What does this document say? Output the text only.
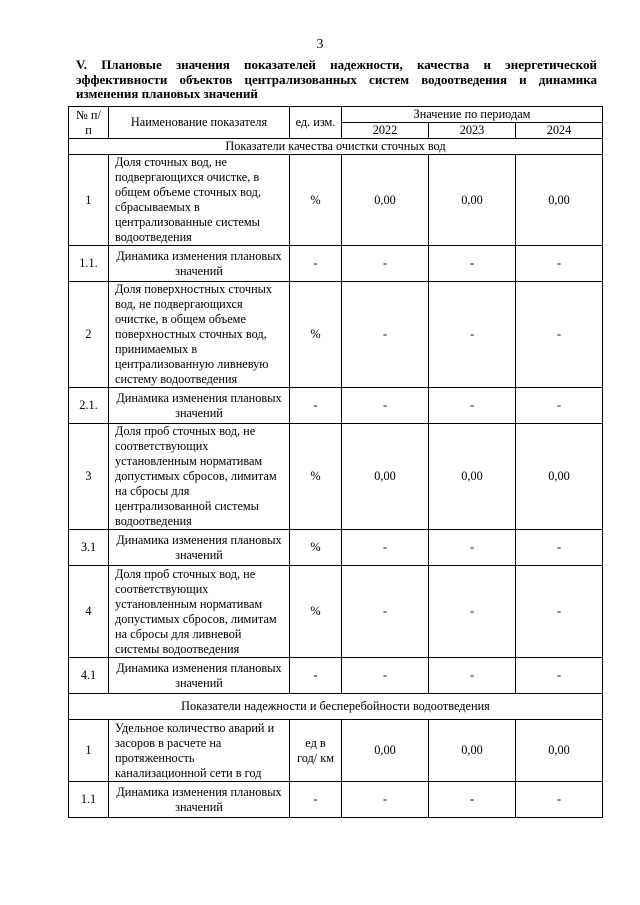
3
V. Плановые значения показателей надежности, качества и энергетической эффективности объектов централизованных систем водоотведения и динамика изменения плановых значений
№ п/п	Наименование показателя	ед. изм.	Значение по периодам		
			2022	2023	2024
Показатели качества очистки сточных вод					
1	Доля сточных вод, не подвергающихся очистке, в общем объеме сточных вод, сбрасываемых в централизованные системы водоотведения	%	0,00	0,00	0,00
1.1.	Динамика изменения плановых значений	-	-	-	-
2	Доля поверхностных сточных вод, не подвергающихся очистке, в общем объеме поверхностных сточных вод, принимаемых в централизованную ливневую систему водоотведения	%	-	-	-
2.1.	Динамика изменения плановых значений	-	-	-	-
3	Доля проб сточных вод, не соответствующих установленным нормативам допустимых сбросов, лимитам на сбросы для централизованной системы водоотведения	%	0,00	0,00	0,00
3.1	Динамика изменения плановых значений	%	-	-	-
4	Доля проб сточных вод, не соответствующих установленным нормативам допустимых сбросов, лимитам на сбросы для ливневой системы водоотведения	%	-	-	-
4.1	Динамика изменения плановых значений	-	-	-	-
Показатели надежности и бесперебойности водоотведения					
1	Удельное количество аварий и засоров в расчете на протяженность канализационной сети в год	ед в год/ км	0,00	0,00	0,00
1.1	Динамика изменения плановых значений	-	-	-	-
